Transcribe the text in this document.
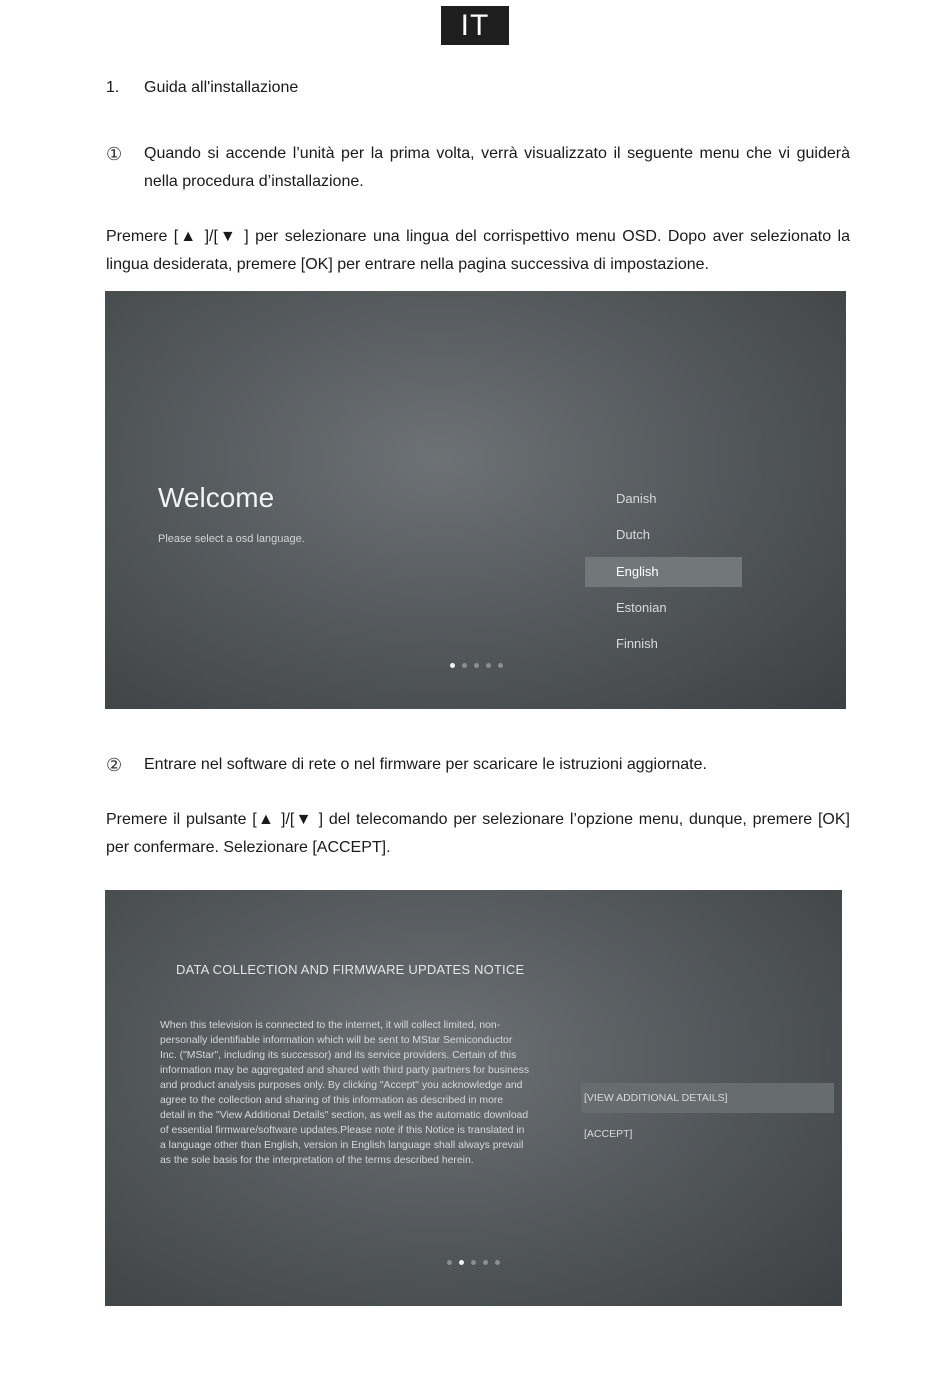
IT
1. Guida all'installazione
① Quando si accende l’unità per la prima volta, verrà visualizzato il seguente menu che vi guiderà nella procedura d’installazione.
Premere [▲ ]/[▼ ] per selezionare una lingua del corrispettivo menu OSD. Dopo aver selezionato la lingua desiderata, premere [OK] per entrare nella pagina successiva di impostazione.
Welcome
Please select a osd language.
Danish
Dutch
English
Estonian
Finnish
② Entrare nel software di rete o nel firmware per scaricare le istruzioni aggiornate.
Premere il pulsante [▲ ]/[▼ ] del telecomando per selezionare l’opzione menu, dunque, premere [OK] per confermare. Selezionare [ACCEPT].
DATA COLLECTION AND FIRMWARE UPDATES NOTICE
When this television is connected to the internet, it will collect limited, non-personally identifiable information which will be sent to MStar Semiconductor Inc. ("MStar", including its successor) and its service providers. Certain of this information may be aggregated and shared with third party partners for business and product analysis purposes only. By clicking "Accept" you acknowledge and agree to the collection and sharing of this information as described in more detail in the "View Additional Details" section, as well as the automatic download of essential firmware/software updates.Please note if this Notice is translated in a language other than English, version in English language shall always prevail as the sole basis for the interpretation of the terms described herein.
[VIEW ADDITIONAL DETAILS]
[ACCEPT]
